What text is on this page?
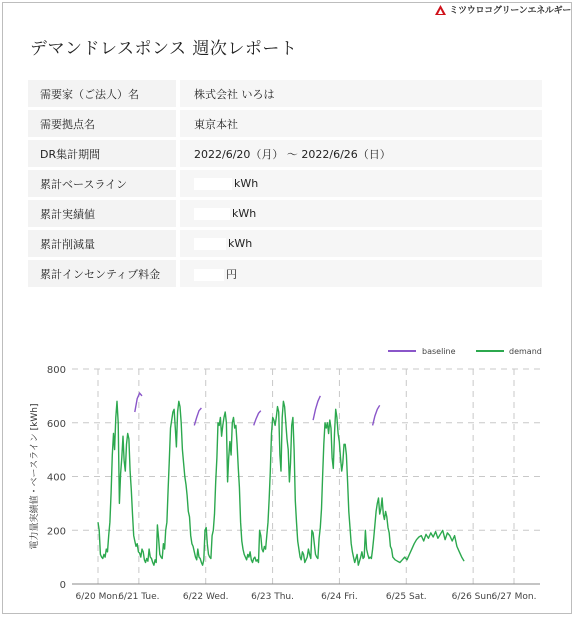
ミツウロコグリーンエネルギー
デマンドレスポンス 週次レポート
需要家（ご法人）名		株式会社 いろは
需要拠点名		東京本社
DR集計期間		2022/6/20（月） ～ 2022/6/26（日）
累計ベースライン		kWh
累計実績値		kWh
累計削減量		kWh
累計インセンティブ料金		円
0
200
400
600
800
6/20 Mon.
6/21 Tue.	6/22 Wed.	6/23 Thu.	6/24 Fri.	6/25 Sat.	6/26 Sun.
6/27 Mon.
電力量実績値・ベースライン [kWh]
baseline	demand
